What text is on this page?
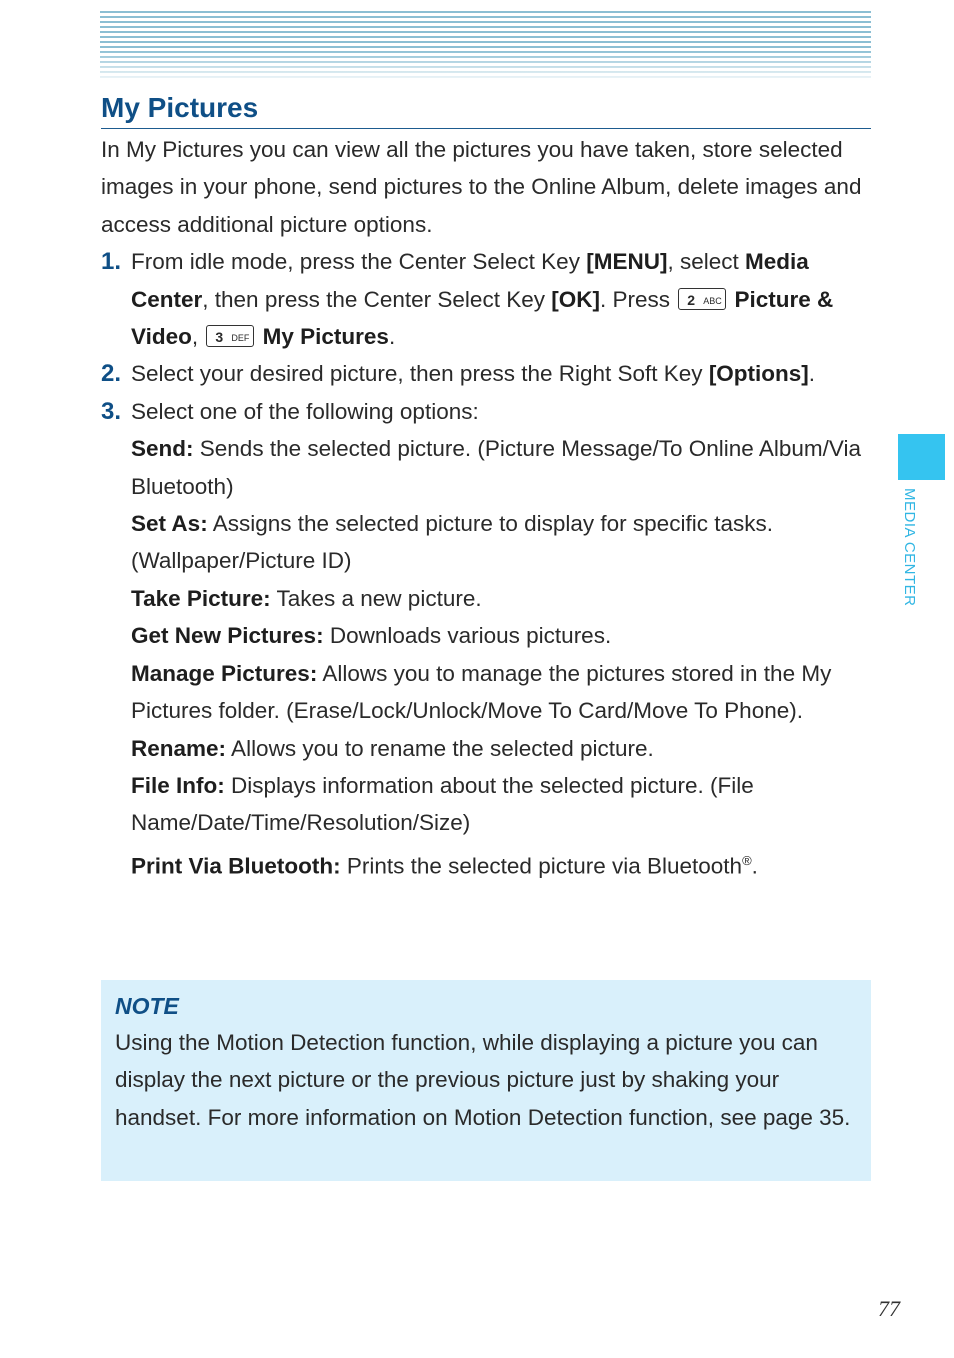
My Pictures

In My Pictures you can view all the pictures you have taken, store selected images in your phone, send pictures to the Online Album, delete images and access additional picture options.

1. From idle mode, press the Center Select Key [MENU], select Media Center, then press the Center Select Key [OK]. Press 2 ABC Picture & Video, 3 DEF My Pictures.

2. Select your desired picture, then press the Right Soft Key [Options].

3. Select one of the following options:

Send: Sends the selected picture. (Picture Message/To Online Album/Via Bluetooth)

Set As: Assigns the selected picture to display for specific tasks. (Wallpaper/Picture ID)

Take Picture: Takes a new picture.

Get New Pictures: Downloads various pictures.

Manage Pictures: Allows you to manage the pictures stored in the My Pictures folder. (Erase/Lock/Unlock/Move To Card/Move To Phone).

Rename: Allows you to rename the selected picture.

File Info: Displays information about the selected picture. (File Name/Date/Time/Resolution/Size)

Print Via Bluetooth: Prints the selected picture via Bluetooth®.

NOTE

Using the Motion Detection function, while displaying a picture you can display the next picture or the previous picture just by shaking your handset. For more information on Motion Detection function, see page 35.

MEDIA CENTER
77
